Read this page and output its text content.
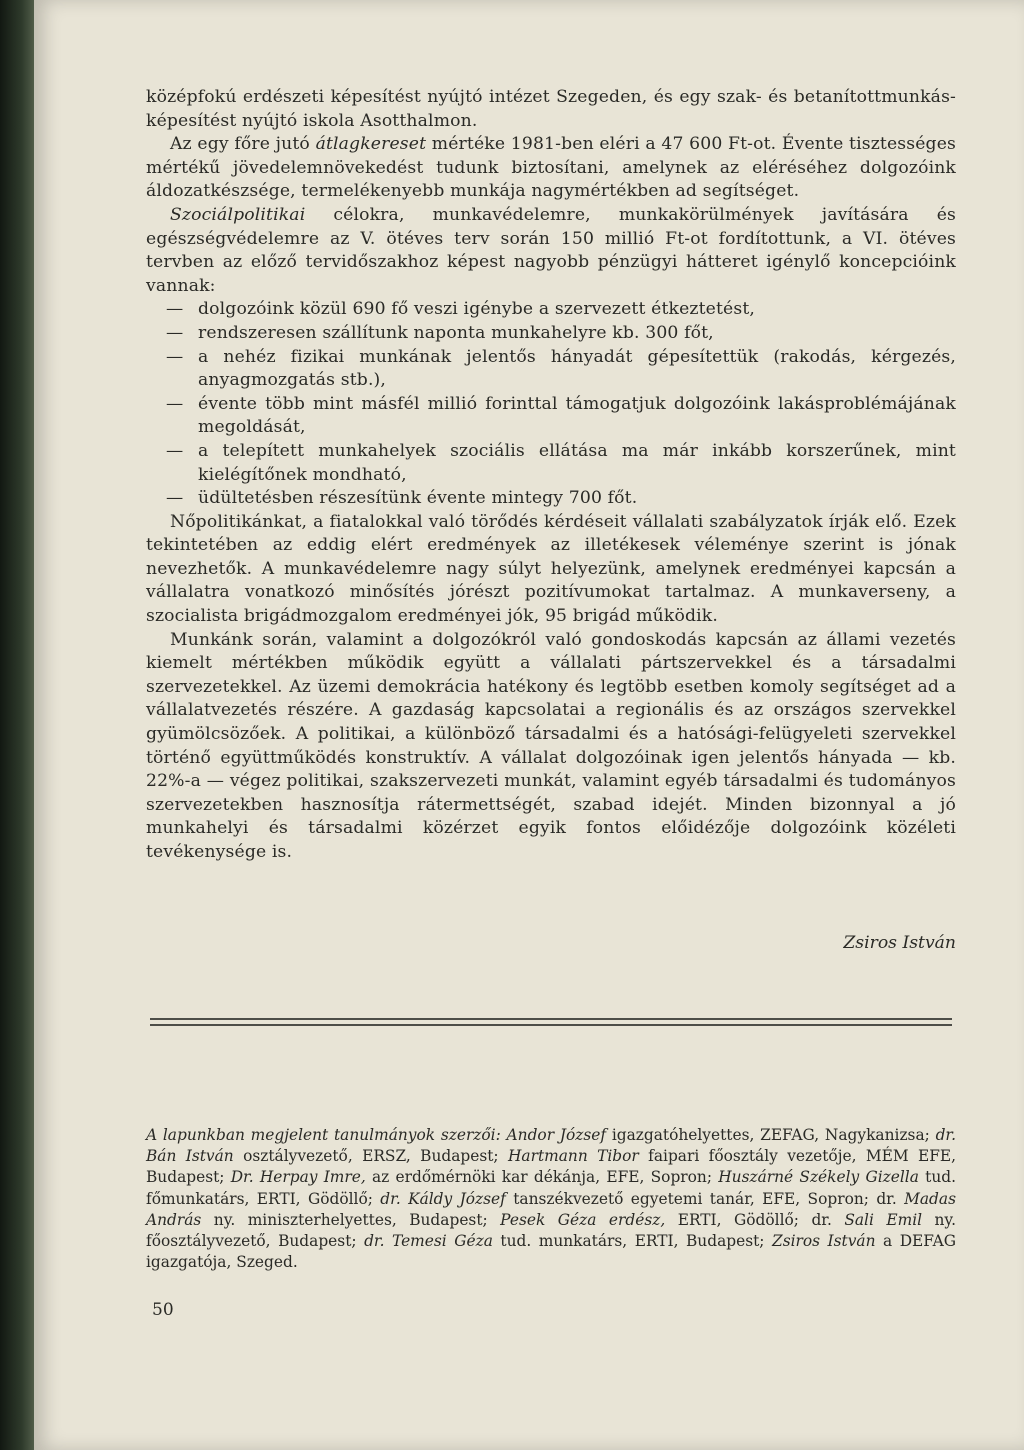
középfokú erdészeti képesítést nyújtó intézet Szegeden, és egy szak- és betanítottmunkás-képesítést nyújtó iskola Asotthalmon.

Az egy főre jutó átlagkereset mértéke 1981-ben eléri a 47 600 Ft-ot. Évente tisztességes mértékű jövedelemnövekedést tudunk biztosítani, amelynek az eléréséhez dolgozóink áldozatkészsége, termelékenyebb munkája nagymértékben ad segítséget.

Szociálpolitikai célokra, munkavédelemre, munkakörülmények javítására és egészségvédelemre az V. ötéves terv során 150 millió Ft-ot fordítottunk, a VI. ötéves tervben az előző tervidőszakhoz képest nagyobb pénzügyi hátteret igénylő koncepcióink vannak:

— dolgozóink közül 690 fő veszi igénybe a szervezett étkeztetést,
— rendszeresen szállítunk naponta munkahelyre kb. 300 főt,
— a nehéz fizikai munkának jelentős hányadát gépesítettük (rakodás, kérgezés, anyagmozgatás stb.),
— évente több mint másfél millió forinttal támogatjuk dolgozóink lakásproblémájának megoldását,
— a telepített munkahelyek szociális ellátása ma már inkább korszerűnek, mint kielégítőnek mondható,
— üdültetésben részesítünk évente mintegy 700 főt.

Nőpolitikánkat, a fiatalokkal való törődés kérdéseit vállalati szabályzatok írják elő. Ezek tekintetében az eddig elért eredmények az illetékesek véleménye szerint is jónak nevezhetők. A munkavédelemre nagy súlyt helyezünk, amelynek eredményei kapcsán a vállalatra vonatkozó minősítés jórészt pozitívumokat tartalmaz. A munkaverseny, a szocialista brigádmozgalom eredményei jók, 95 brigád működik.

Munkánk során, valamint a dolgozókról való gondoskodás kapcsán az állami vezetés kiemelt mértékben működik együtt a vállalati pártszervekkel és a társadalmi szervezetekkel. Az üzemi demokrácia hatékony és legtöbb esetben komoly segítséget ad a vállalatvezetés részére. A gazdaság kapcsolatai a regionális és az országos szervekkel gyümölcsözőek. A politikai, a különböző társadalmi és a hatósági-felügyeleti szervekkel történő együttműködés konstruktív. A vállalat dolgozóinak igen jelentős hányada — kb. 22%-a — végez politikai, szakszervezeti munkát, valamint egyéb társadalmi és tudományos szervezetekben hasznosítja rátermettségét, szabad idejét. Minden bizonnyal a jó munkahelyi és társadalmi közérzet egyik fontos előidézője dolgozóink közéleti tevékenysége is.

Zsiros István
A lapunkban megjelent tanulmányok szerzői: Andor József igazgatóhelyettes, ZEFAG, Nagykanizsa; dr. Bán István osztályvezető, ERSZ, Budapest; Hartmann Tibor faipari főosztály vezetője, MÉM EFE, Budapest; Dr. Herpay Imre, az erdőmérnöki kar dékánja, EFE, Sopron; Huszárné Székely Gizella tud. főmunkatárs, ERTI, Gödöllő; dr. Káldy József tanszékvezető egyetemi tanár, EFE, Sopron; dr. Madas András ny. miniszterhelyettes, Budapest; Pesek Géza erdész, ERTI, Gödöllő; dr. Sali Emil ny. főosztályvezető, Budapest; dr. Temesi Géza tud. munkatárs, ERTI, Budapest; Zsiros István a DEFAG igazgatója, Szeged.
50
